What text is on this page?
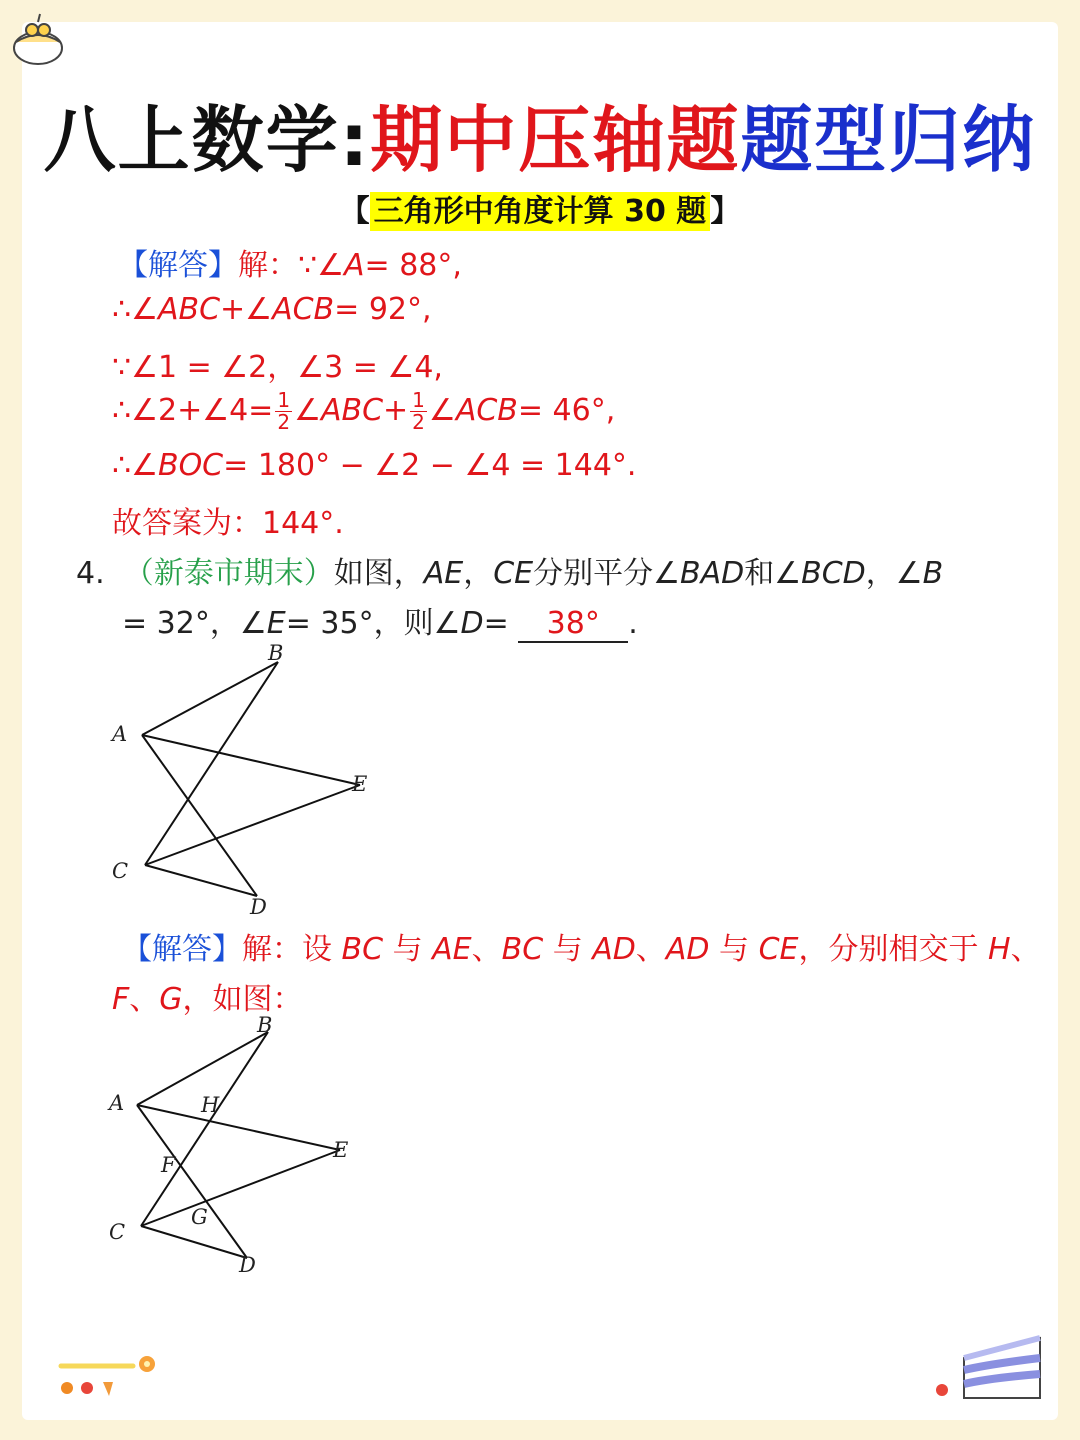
八上数学:期中压轴题题型归纳
【 三角形中角度计算 30 题 】
【解答】解：∵∠A= 88°,
∴∠ABC+∠ACB= 92°,
∵∠1 = ∠2，∠3 = ∠4,
∴∠2+∠4= $\frac{1}{2}$ ∠ABC+ $\frac{1}{2}$ ∠ACB= 46°,
∴∠BOC= 180° − ∠2 − ∠4 = 144°.
故答案为：144°.
4. （新泰市期末）如图，AE，CE分别平分∠BAD和∠BCD，∠B
= 32°，∠E= 35°，则∠D= 38° .
B
A
E
C
D
【解答】解：设 BC 与 AE、BC 与 AD、AD 与 CE，分别相交于 H、
F、G，如图：
B
A	H
E
F
G
C
D
